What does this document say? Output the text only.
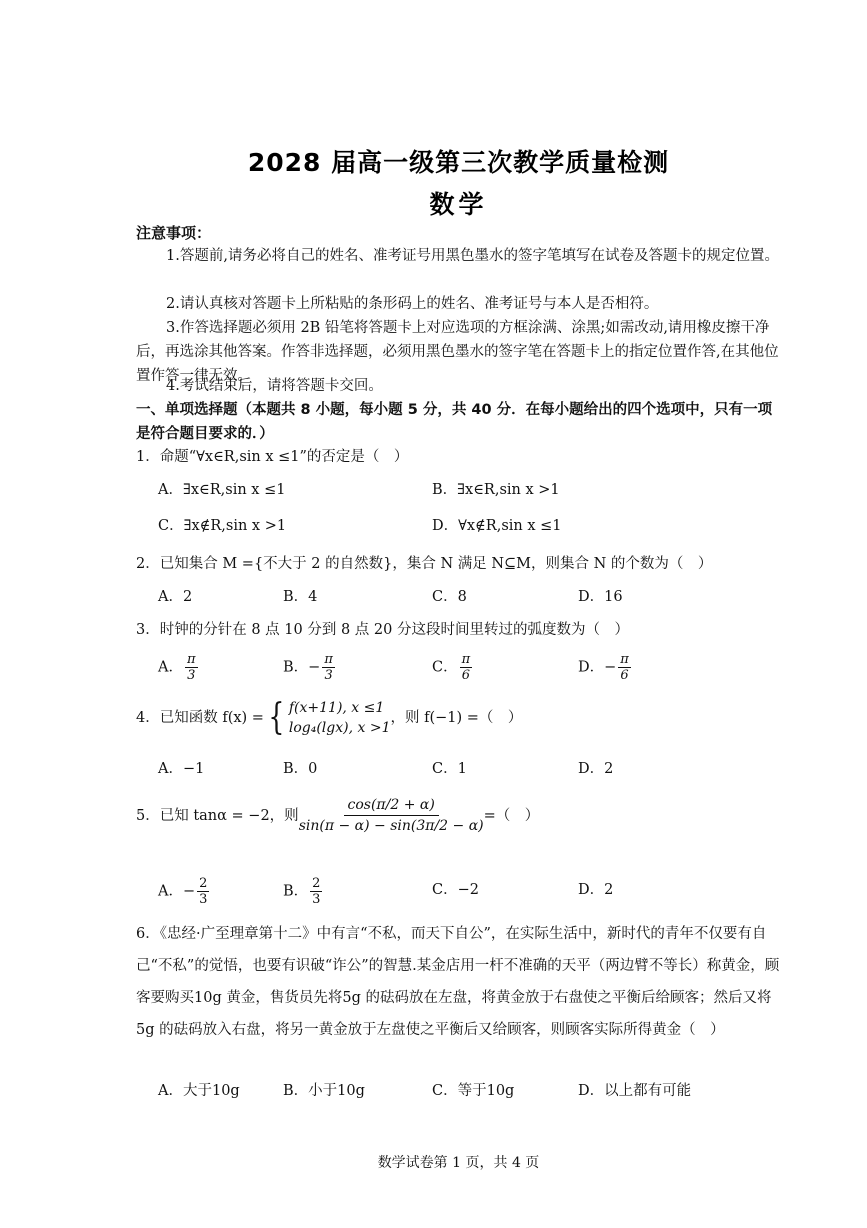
2028 届高一级第三次教学质量检测
数学
注意事项：
1.答题前,请务必将自己的姓名、准考证号用黑色墨水的签字笔填写在试卷及答题卡的规定位置。
2.请认真核对答题卡上所粘贴的条形码上的姓名、准考证号与本人是否相符。
3.作答选择题必须用 2B 铅笔将答题卡上对应选项的方框涂满、涂黑;如需改动,请用橡皮擦干净后，再选涂其他答案。作答非选择题，必须用黑色墨水的签字笔在答题卡上的指定位置作答,在其他位置作答一律无效。
4.考试结束后，请将答题卡交回。
一、单项选择题（本题共 8 小题，每小题 5 分，共 40 分．在每小题给出的四个选项中，只有一项是符合题目要求的．）
1．命题“∀x∈R,sin x ≤1”的否定是（　）
A．∃x∈R,sin x ≤1	B．∃x∈R,sin x >1
C．∃x∉R,sin x >1	D．∀x∉R,sin x ≤1
2．已知集合 M ={不大于 2 的自然数}，集合 N 满足 N⊆M，则集合 N 的个数为（　）
A．2	B．4	C．8	D．16
3．时钟的分针在 8 点 10 分到 8 点 20 分这段时间里转过的弧度数为（　）
A． $\frac{\pi}{3}$	B．− $\frac{\pi}{3}$	C． $\frac{\pi}{6}$	D．− $\frac{\pi}{6}$
4．已知函数 f(x) = { f(x+11), x ≤1
log₄(lgx), x >1
，则 f(−1) =（　）
A．−1	B．0	C．1	D．2
5．已知 tanα = −2，则 $\frac{\cos(\pi/2 + \alpha)}{\sin(\pi - \alpha) - \sin(3\pi/2 - \alpha)}$ =（　）
A．− $\frac{2}{3}$	B． $\frac{2}{3}$	C．−2	D．2
6．《忠经·广至理章第十二》中有言“不私，而天下自公”，在实际生活中，新时代的青年不仅要有自己“不私”的觉悟，也要有识破“诈公”的智慧.某金店用一杆不准确的天平（两边臂不等长）称黄金，顾客要购买10g 黄金，售货员先将5g 的砝码放在左盘，将黄金放于右盘使之平衡后给顾客；然后又将5g 的砝码放入右盘，将另一黄金放于左盘使之平衡后又给顾客，则顾客实际所得黄金（　）
A．大于10g	B．小于10g	C．等于10g	D．以上都有可能
数学试卷第 1 页，共 4 页
